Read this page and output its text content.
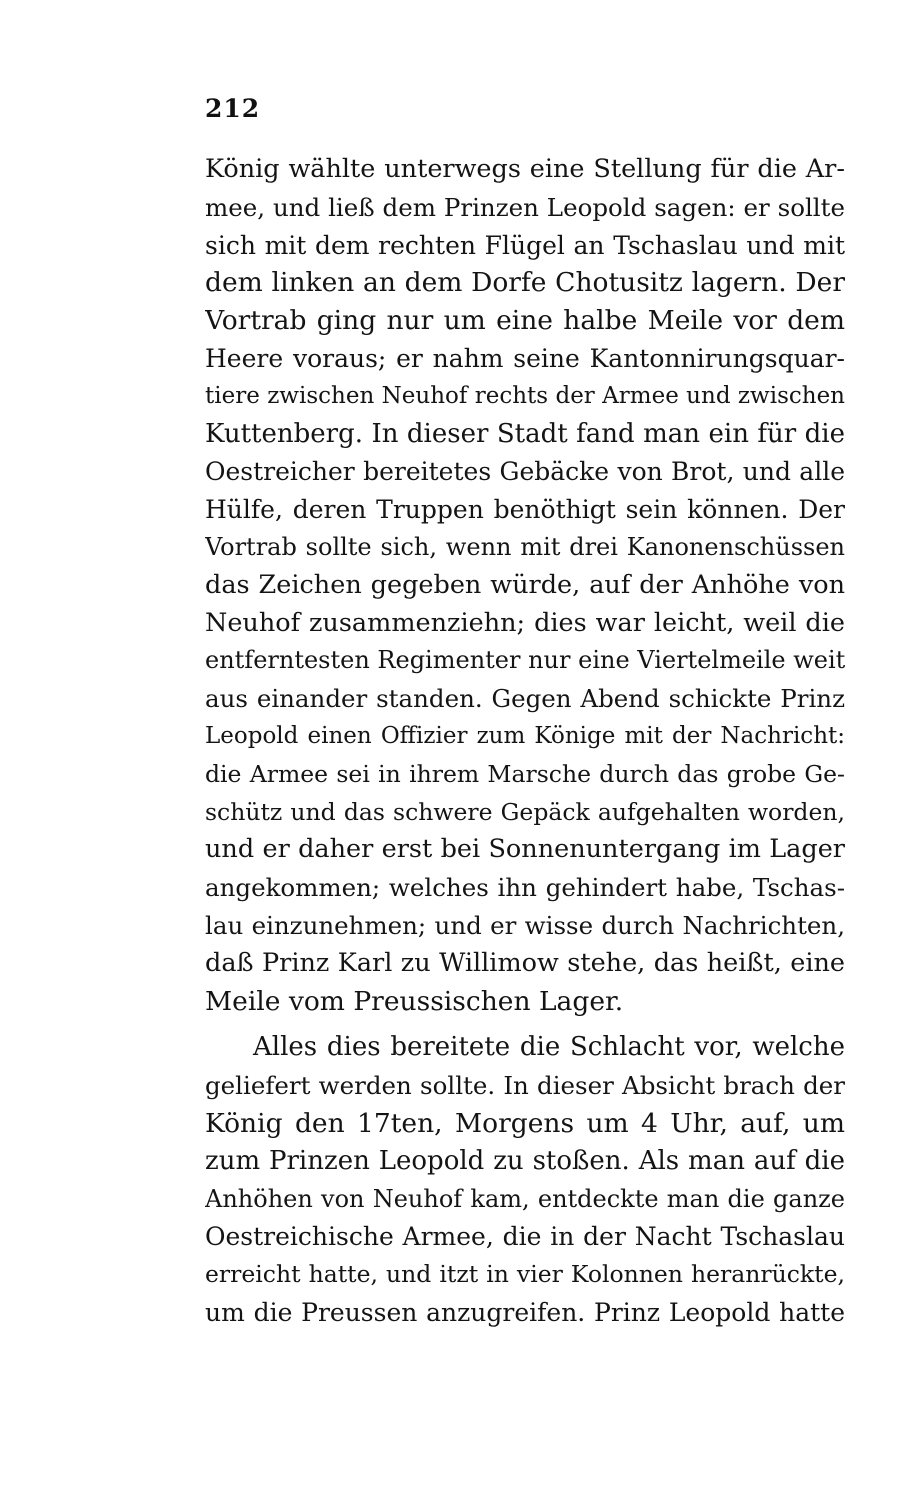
212
König wählte unterwegs eine Stellung für die Ar-
mee, und ließ dem Prinzen Leopold sagen: er sollte
sich mit dem rechten Flügel an Tschaslau und mit
dem linken an dem Dorfe Chotusitz lagern. Der
Vortrab ging nur um eine halbe Meile vor dem
Heere voraus; er nahm seine Kantonnirungsquar-
tiere zwischen Neuhof rechts der Armee und zwischen
Kuttenberg. In dieser Stadt fand man ein für die
Oestreicher bereitetes Gebäcke von Brot, und alle
Hülfe, deren Truppen benöthigt sein können. Der
Vortrab sollte sich, wenn mit drei Kanonenschüssen
das Zeichen gegeben würde, auf der Anhöhe von
Neuhof zusammenziehn; dies war leicht, weil die
entferntesten Regimenter nur eine Viertelmeile weit
aus einander standen. Gegen Abend schickte Prinz
Leopold einen Offizier zum Könige mit der Nachricht:
die Armee sei in ihrem Marsche durch das grobe Ge-
schütz und das schwere Gepäck aufgehalten worden,
und er daher erst bei Sonnenuntergang im Lager
angekommen; welches ihn gehindert habe, Tschas-
lau einzunehmen; und er wisse durch Nachrichten,
daß Prinz Karl zu Willimow stehe, das heißt, eine
Meile vom Preussischen Lager.
Alles dies bereitete die Schlacht vor, welche
geliefert werden sollte. In dieser Absicht brach der
König den 17ten, Morgens um 4 Uhr, auf, um
zum Prinzen Leopold zu stoßen. Als man auf die
Anhöhen von Neuhof kam, entdeckte man die ganze
Oestreichische Armee, die in der Nacht Tschaslau
erreicht hatte, und itzt in vier Kolonnen heranrückte,
um die Preussen anzugreifen. Prinz Leopold hatte
